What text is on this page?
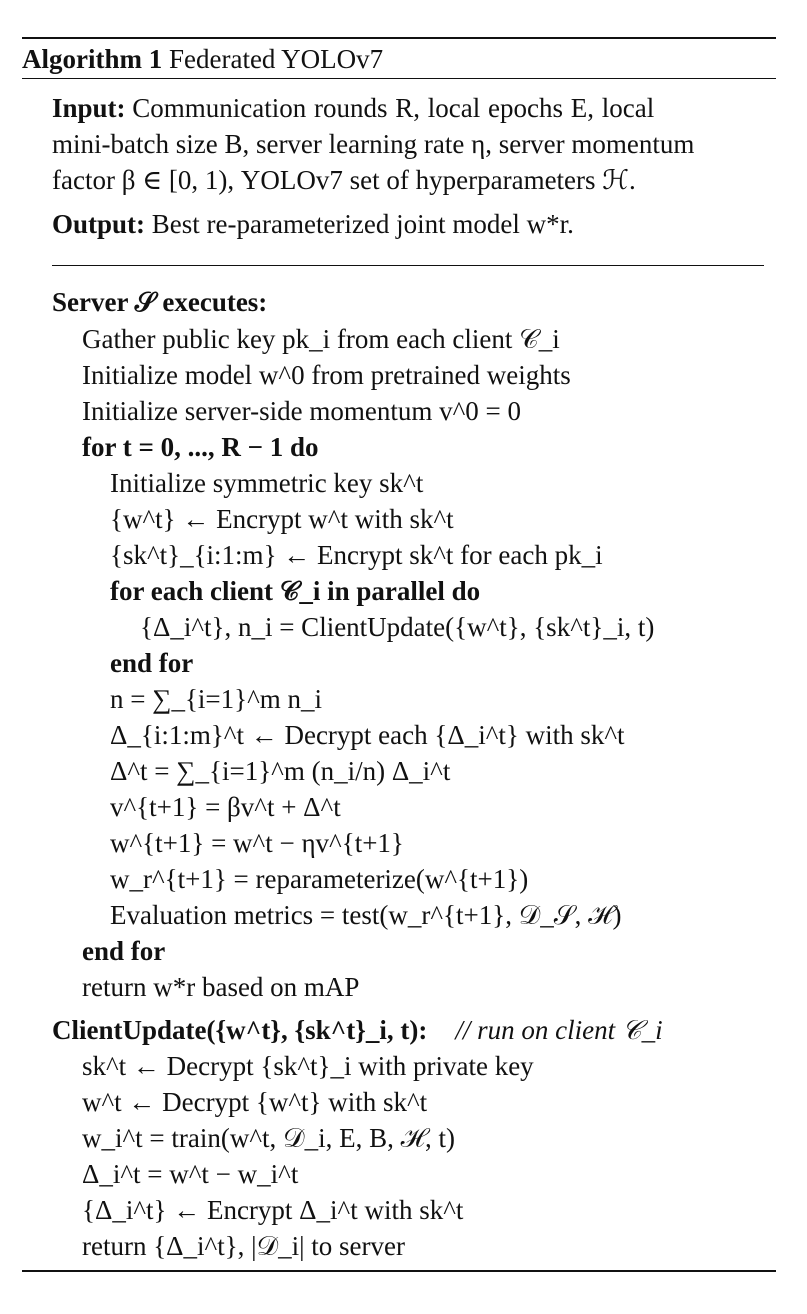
Algorithm 1 Federated YOLOv7
Input: Communication rounds R, local epochs E, local
mini-batch size B, server learning rate η, server momentum
factor β ∈ [0, 1), YOLOv7 set of hyperparameters ℋ.
Output: Best re-parameterized joint model w*r.
Server 𝒮 executes:
Gather public key pk_i from each client 𝒞_i
Initialize model w^0 from pretrained weights
Initialize server-side momentum v^0 = 0
for t = 0, ..., R − 1 do
Initialize symmetric key sk^t
{w^t} ← Encrypt w^t with sk^t
{sk^t}_{i:1:m} ← Encrypt sk^t for each pk_i
for each client 𝒞_i in parallel do
{Δ_i^t}, n_i = ClientUpdate({w^t}, {sk^t}_i, t)
end for
n = ∑_{i=1}^m n_i
Δ_{i:1:m}^t ← Decrypt each {Δ_i^t} with sk^t
Δ^t = ∑_{i=1}^m (n_i/n) Δ_i^t
v^{t+1} = βv^t + Δ^t
w^{t+1} = w^t − ηv^{t+1}
w_r^{t+1} = reparameterize(w^{t+1})
Evaluation metrics = test(w_r^{t+1}, 𝒟_𝒮, ℋ)
end for
return w*r based on mAP
ClientUpdate({w^t}, {sk^t}_i, t): // run on client 𝒞_i
sk^t ← Decrypt {sk^t}_i with private key
w^t ← Decrypt {w^t} with sk^t
w_i^t = train(w^t, 𝒟_i, E, B, ℋ, t)
Δ_i^t = w^t − w_i^t
{Δ_i^t} ← Encrypt Δ_i^t with sk^t
return {Δ_i^t}, |𝒟_i| to server
